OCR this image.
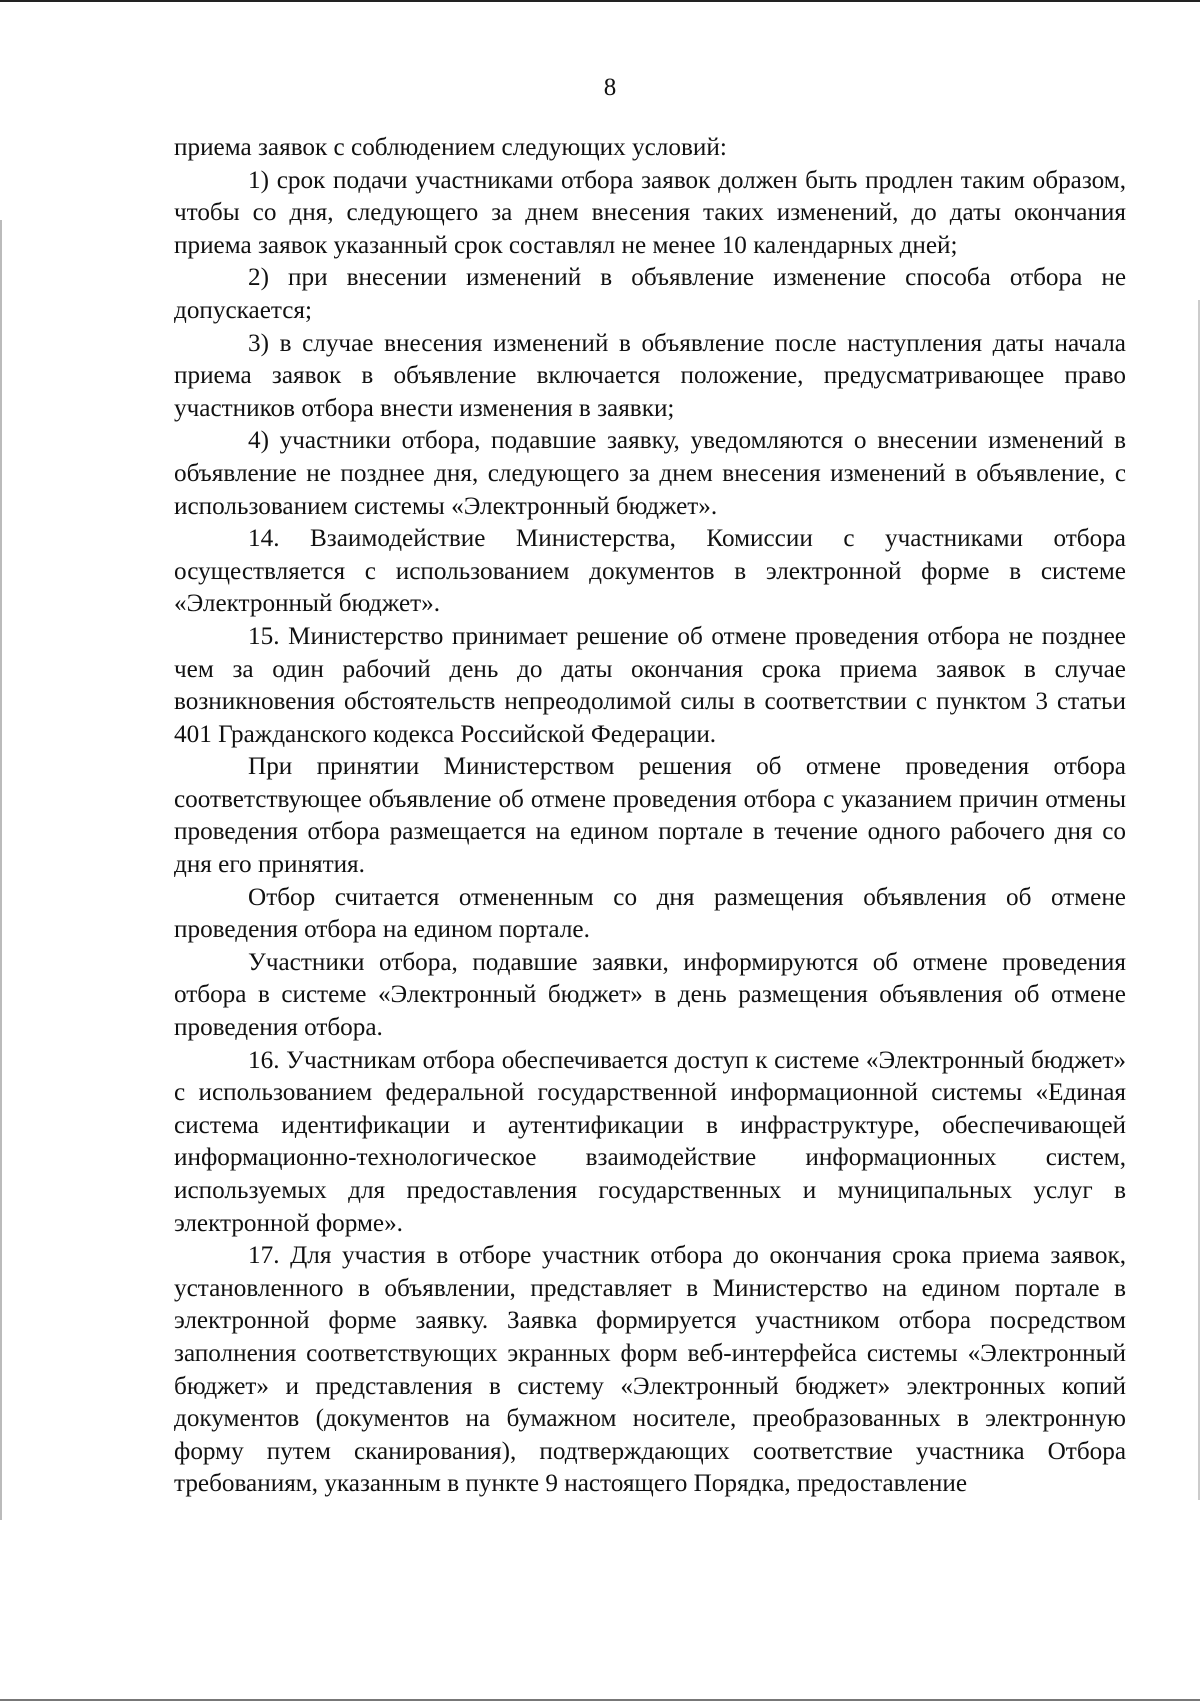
8

приема заявок с соблюдением следующих условий:

1) срок подачи участниками отбора заявок должен быть продлен таким образом, чтобы со дня, следующего за днем внесения таких изменений, до даты окончания приема заявок указанный срок составлял не менее 10 календарных дней;

2) при внесении изменений в объявление изменение способа отбора не допускается;

3) в случае внесения изменений в объявление после наступления даты начала приема заявок в объявление включается положение, предусматривающее право участников отбора внести изменения в заявки;

4) участники отбора, подавшие заявку, уведомляются о внесении изменений в объявление не позднее дня, следующего за днем внесения изменений в объявление, с использованием системы «Электронный бюджет».

14. Взаимодействие Министерства, Комиссии с участниками отбора осуществляется с использованием документов в электронной форме в системе «Электронный бюджет».

15. Министерство принимает решение об отмене проведения отбора не позднее чем за один рабочий день до даты окончания срока приема заявок в случае возникновения обстоятельств непреодолимой силы в соответствии с пунктом 3 статьи 401 Гражданского кодекса Российской Федерации.

При принятии Министерством решения об отмене проведения отбора соответствующее объявление об отмене проведения отбора с указанием причин отмены проведения отбора размещается на едином портале в течение одного рабочего дня со дня его принятия.

Отбор считается отмененным со дня размещения объявления об отмене проведения отбора на едином портале.

Участники отбора, подавшие заявки, информируются об отмене проведения отбора в системе «Электронный бюджет» в день размещения объявления об отмене проведения отбора.

16. Участникам отбора обеспечивается доступ к системе «Электронный бюджет» с использованием федеральной государственной информационной системы «Единая система идентификации и аутентификации в инфраструктуре, обеспечивающей информационно-технологическое взаимодействие информационных систем, используемых для предоставления государственных и муниципальных услуг в электронной форме».

17. Для участия в отборе участник отбора до окончания срока приема заявок, установленного в объявлении, представляет в Министерство на едином портале в электронной форме заявку. Заявка формируется участником отбора посредством заполнения соответствующих экранных форм веб-интерфейса системы «Электронный бюджет» и представления в систему «Электронный бюджет» электронных копий документов (документов на бумажном носителе, преобразованных в электронную форму путем сканирования), подтверждающих соответствие участника Отбора требованиям, указанным в пункте 9 настоящего Порядка, предоставление
